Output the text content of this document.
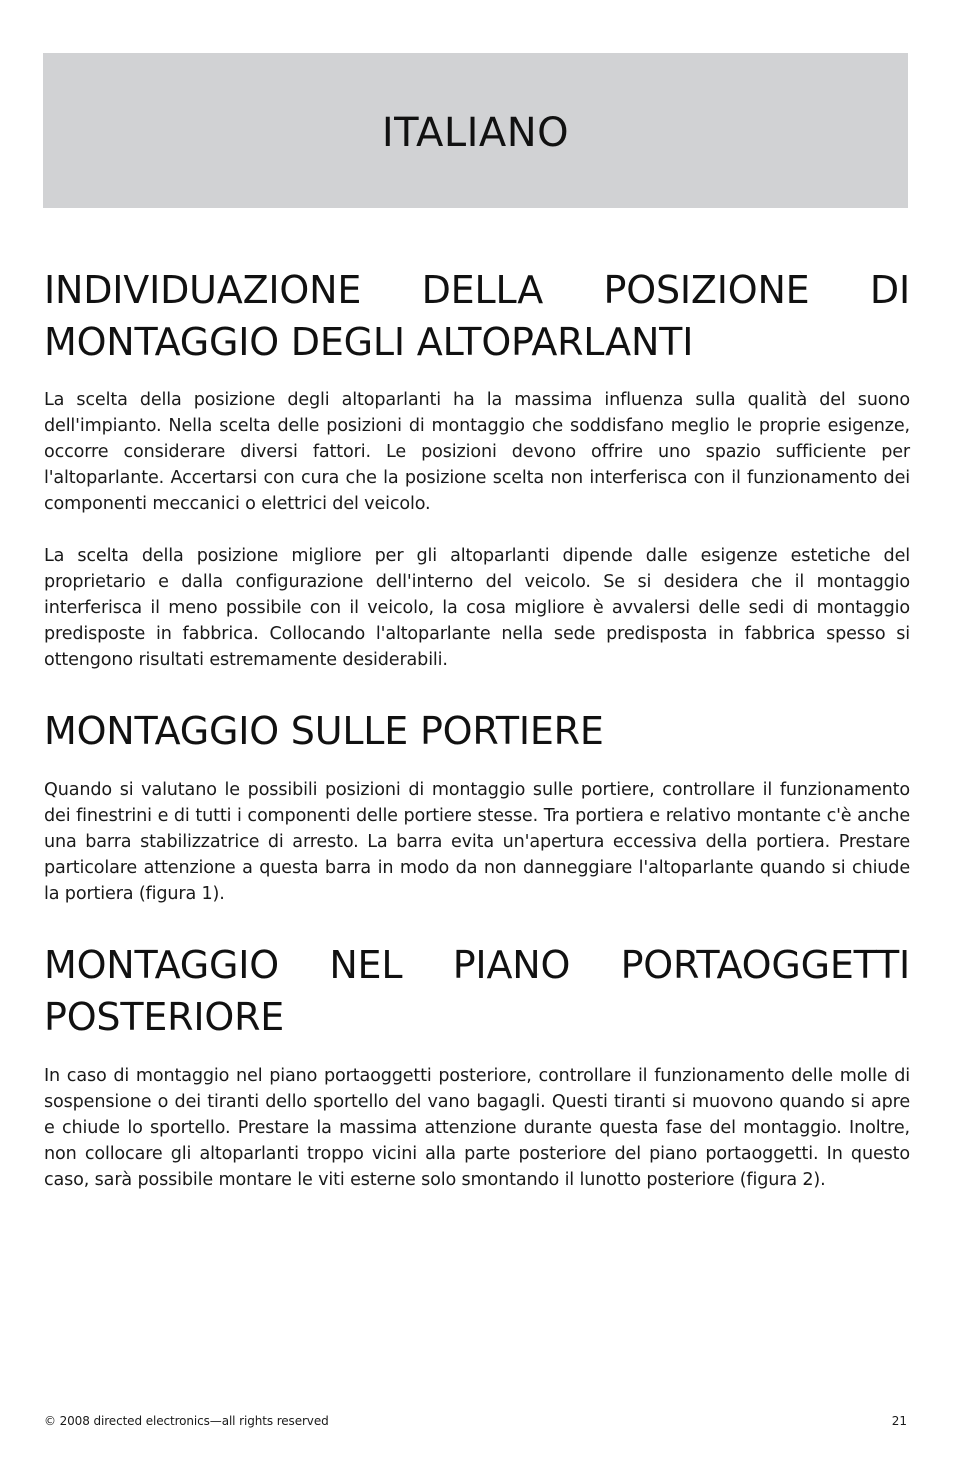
ITALIANO
INDIVIDUAZIONE DELLA POSIZIONE DI MONTAGGIO DEGLI ALTOPARLANTI

La scelta della posizione degli altoparlanti ha la massima influenza sulla qualità del suono dell'impianto. Nella scelta delle posizioni di montaggio che soddisfano meglio le proprie esigenze, occorre considerare diversi fattori. Le posizioni devono offrire uno spazio sufficiente per l'altoparlante. Accertarsi con cura che la posizione scelta non interferisca con il funzionamento dei componenti meccanici o elettrici del veicolo.

La scelta della posizione migliore per gli altoparlanti dipende dalle esigenze estetiche del proprietario e dalla configurazione dell'interno del veicolo. Se si desidera che il montaggio interferisca il meno possibile con il veicolo, la cosa migliore è avvalersi delle sedi di montaggio predisposte in fabbrica. Collocando l'altoparlante nella sede predisposta in fabbrica spesso si ottengono risultati estremamente desiderabili.

MONTAGGIO SULLE PORTIERE

Quando si valutano le possibili posizioni di montaggio sulle portiere, controllare il funzionamento dei finestrini e di tutti i componenti delle portiere stesse. Tra portiera e relativo montante c'è anche una barra stabilizzatrice di arresto. La barra evita un'apertura eccessiva della portiera. Prestare particolare attenzione a questa barra in modo da non danneggiare l'altoparlante quando si chiude la portiera (figura 1).

MONTAGGIO NEL PIANO PORTAOGGETTI POSTERIORE

In caso di montaggio nel piano portaoggetti posteriore, controllare il funzionamento delle molle di sospensione o dei tiranti dello sportello del vano bagagli. Questi tiranti si muovono quando si apre e chiude lo sportello. Prestare la massima attenzione durante questa fase del montaggio. Inoltre, non collocare gli altoparlanti troppo vicini alla parte posteriore del piano portaoggetti. In questo caso, sarà possibile montare le viti esterne solo smontando il lunotto posteriore (figura 2).

© 2008 directed electronics—all rights reserved	21
